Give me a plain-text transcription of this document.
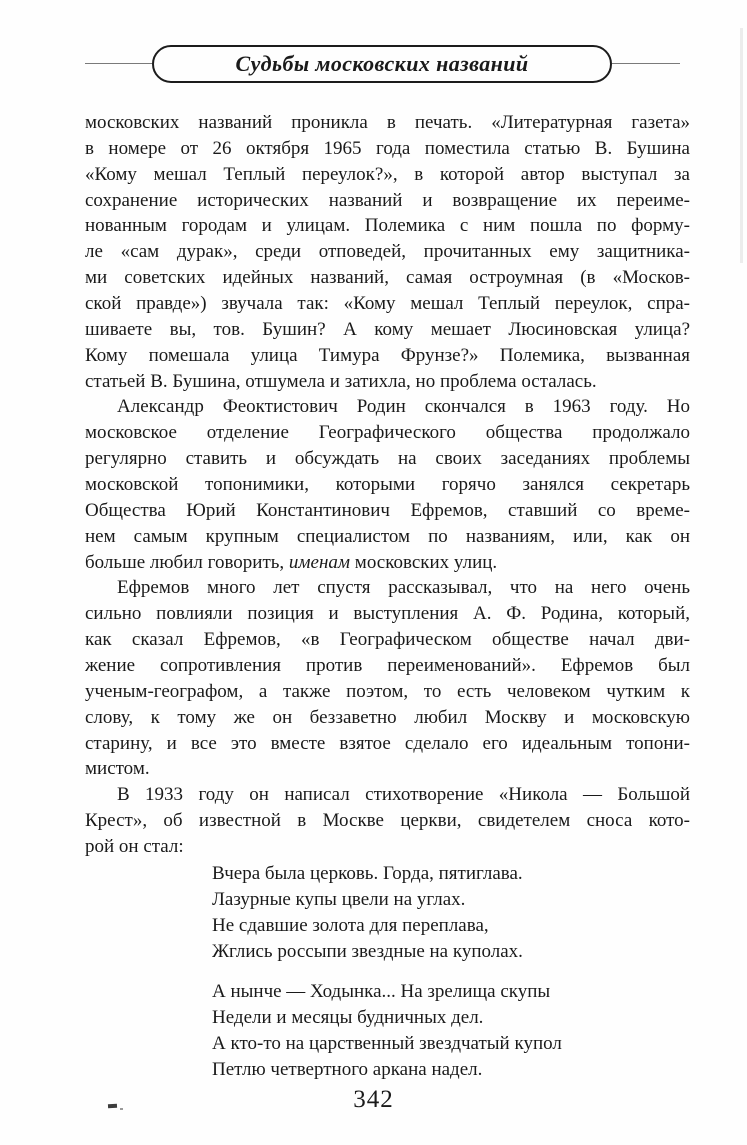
Судьбы московских названий
московских названий проникла в печать. «Литературная газета»
в номере от 26 октября 1965 года поместила статью В. Бушина
«Кому мешал Теплый переулок?», в которой автор выступал за
сохранение исторических названий и возвращение их переиме-
нованным городам и улицам. Полемика с ним пошла по форму-
ле «сам дурак», среди отповедей, прочитанных ему защитника-
ми советских идейных названий, самая остроумная (в «Москов-
ской правде») звучала так: «Кому мешал Теплый переулок, спра-
шиваете вы, тов. Бушин? А кому мешает Люсиновская улица?
Кому помешала улица Тимура Фрунзе?» Полемика, вызванная
статьей В. Бушина, отшумела и затихла, но проблема осталась.
Александр Феоктистович Родин скончался в 1963 году. Но
московское отделение Географического общества продолжало
регулярно ставить и обсуждать на своих заседаниях проблемы
московской топонимики, которыми горячо занялся секретарь
Общества Юрий Константинович Ефремов, ставший со време-
нем самым крупным специалистом по названиям, или, как он
больше любил говорить, именам московских улиц.
Ефремов много лет спустя рассказывал, что на него очень
сильно повлияли позиция и выступления А. Ф. Родина, который,
как сказал Ефремов, «в Географическом обществе начал дви-
жение сопротивления против переименований». Ефремов был
ученым-географом, а также поэтом, то есть человеком чутким к
слову, к тому же он беззаветно любил Москву и московскую
старину, и все это вместе взятое сделало его идеальным топони-
мистом.
В 1933 году он написал стихотворение «Никола — Большой
Крест», об известной в Москве церкви, свидетелем сноса кото-
рой он стал:
Вчера была церковь. Горда, пятиглава.
Лазурные купы цвели на углах.
Не сдавшие золота для переплава,
Жглись россыпи звездные на куполах.
А нынче — Ходынка... На зрелища скупы
Недели и месяцы будничных дел.
А кто-то на царственный звездчатый купол
Петлю четвертного аркана надел.
342
